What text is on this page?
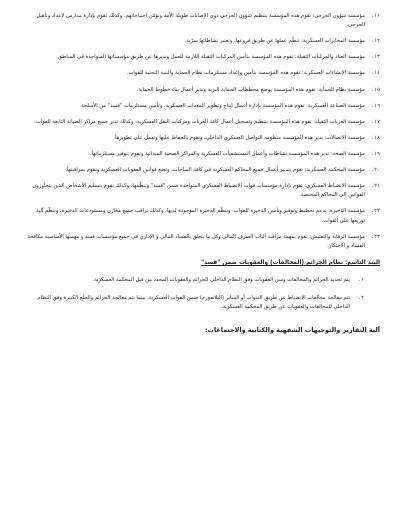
١١.
مؤسسة شؤون الجرحى: تقوم هذه المؤسسة بتنظيم شؤون الجرحى ذوي الإصابات طويلة الأمد وتؤمّن احتياجاتهم، وكذلك تقوم بإدارة مدارس لإعداد وتأهيل الجرحى.
١٢.
مؤسسة المخابرات العسكرية: تنظّم عملها عن طريق فروعها، وتعتبر نشاطاتها سرّية.
١٣.
مؤسسة العتاد والمركبات الثقيلة: تقوم هذه المؤسسة بتأمين المركبات الثقيلة اللازمة للعمل وتديرها عن طريق مؤسساتها المتواجدة في المناطق.
١٤.
مؤسسة الإنشاءات العسكرية: تقوم هذه المؤسسة بتأمين وإعداد مستلزمات نظام الحماية والبنية التحتية للقوات.
١٥.
مؤسسة نظام الحماية: تقوم هذه المؤسسة بوضع مخططات الحماية البرية وتدير أعمال بناء خطوط الحماية.
١٦.
مؤسسة الصناعة العسكرية: تقوم هذه المؤسسة بإدارة أعمال إنتاج وتطوير المعدات العسكرية، وتأمين مستلزمات "قسد" من الأسلحة.
١٧.
مؤسسة العربات الثقيلة: تقوم هذه المؤسسة بتنظيم وتسجيل أعمال كافة العربات ومركبات النقل العسكرية، وكذلك تدير جميع مراكز الصيانة التابعة للقوات.
١٨.
مؤسسة الاتصالات: تدير هذه المؤسسة منظومة التواصل العسكري الداخلي، وتقوم بالحفاظ عليها وتعمل على تطويرها.
١٩.
مؤسسة الصحة: تدير هذه المؤسسة نشاطات وأعمال المستشفيات العسكرية والمراكز الصحية الميدانية وتقوم بتوفير مستلزماتها.
٢٠.
مؤسسة المحكمة العسكرية: تقوم بتدبير أعمال جميع المحاكم العسكرية في كافة الساحات، وتضع قوانين العقوبات العسكرية وتقوم بمراقبتها.
٢١.
مؤسسة الانضباط العسكري: تقوم بإدارة مؤسسات قوات الانضباط العسكري المتواجدة ضمن "قسد" وتنظّمها، وكذلك تقوم بتسليم الأشخاص الذين يتجاوزون القوانين إلى المحاكم المختصة.
٢٢.
مؤسسة الذخيرة: تدعم تخطيط وتوفير وتأمين الذخيرة للقوات، وتنظّم الذخيرة الموجودة لديها، وكذلك تراقب جميع مخازن ومستودعات الذخيرة، وتنظّم آلية توزيعها على القوات.
٢٣.
مؤسسة الرقابة والتفتيش: تقوم بمهمة مراقبة آليات الصرف المالي وكل ما يتعلق بالفساد المالي و الإداري في جميع مؤسسات قسد و مهمتها الأساسية مكافحة الفساد و الاحتكار.
البند التاسع: نظام الجرائم (المخالفات) والعقوبات ضمن "قسد"
١.
يتم تحديد الجرائم والمخالفات وسن العقوبات وفق النظام الداخلي للجرائم والعقوبات المحدد من قبل المحكمة العسكرية.
٢.
تتم معالجة مخالفات الانضباط عن طريق الندوات أو المنابر (البلاتفورم) ضمن القوات العسكرية، بينما تتم معالجة الجرائم والخلع الكبيرة وفق النظام الداخلي للمخالفات والعقوبات عن طريق المحكمة العسكرية.
آلية التقارير والتوجيهات الشفهية والكتابية والاجتماعات:
